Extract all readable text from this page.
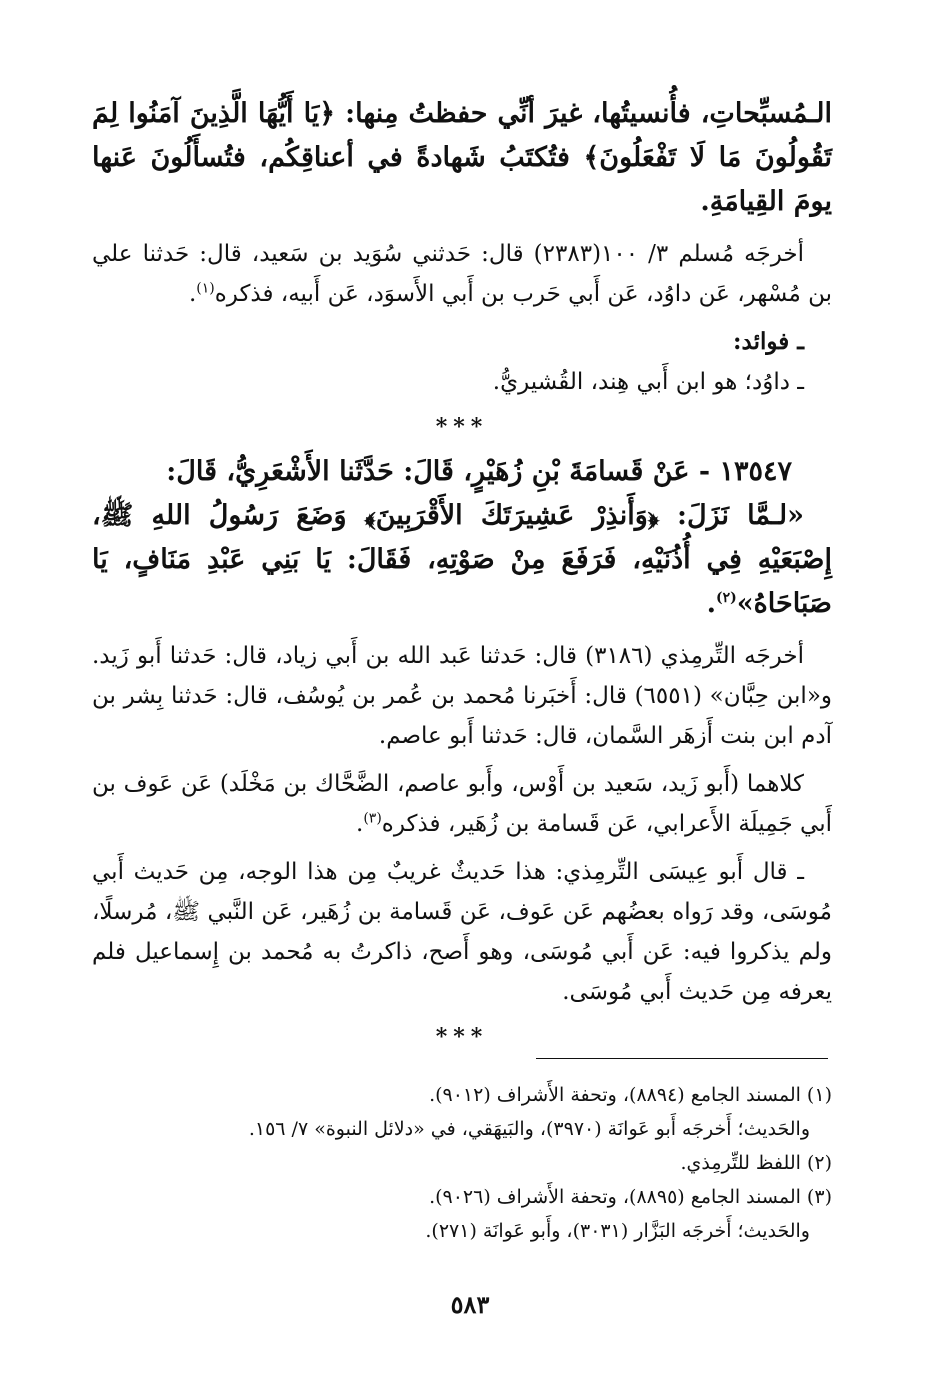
الـمُسبِّحاتِ، فأُنسيتُها، غيرَ أنِّي حفظتُ مِنها: ﴿يَا أَيُّهَا الَّذِينَ آمَنُوا لِمَ تَقُولُونَ مَا لَا تَفْعَلُونَ﴾ فتُكتَبُ شَهادةً في أعناقِكُم، فتُسأَلُونَ عَنها يومَ القِيامَةِ.

أخرجَه مُسلم ٣/ ١٠٠(٢٣٨٣) قال: حَدثني سُوَيد بن سَعيد، قال: حَدثنا علي بن مُسْهر، عَن داوُد، عَن أَبي حَرب بن أَبي الأَسوَد، عَن أَبيه، فذكره$^{(١)}$.

ـ فوائد:

ـ داوُد؛ هو ابن أَبي هِند، القُشيريُّ.

***

١٣٥٤٧ - عَنْ قَسامَةَ بْنِ زُهَيْرٍ، قَالَ: حَدَّثَنا الأَشْعَرِيُّ، قَالَ:

«لـمَّا نَزَلَ: ﴿وَأَنذِرْ عَشِيرَتَكَ الأَقْرَبِينَ﴾ وَضَعَ رَسُولُ اللهِ ﷺ، إِصْبَعَيْهِ فِي أُذُنَيْهِ، فَرَفَعَ مِنْ صَوْتِهِ، فَقَالَ: يَا بَنِي عَبْدِ مَنَافٍ، يَا صَبَاحَاهُ»$^{(٢)}$.

أخرجَه التِّرمِذي (٣١٨٦) قال: حَدثنا عَبد الله بن أَبي زياد، قال: حَدثنا أَبو زَيد. و«ابن حِبَّان» (٦٥٥١) قال: أَخبَرنا مُحمد بن عُمر بن يُوسُف، قال: حَدثنا بِشر بن آدم ابن بنت أَزهَر السَّمان، قال: حَدثنا أَبو عاصم.

كلاهما (أَبو زَيد، سَعيد بن أَوْس، وأَبو عاصم، الضَّحَّاك بن مَخْلَد) عَن عَوف بن أَبي جَمِيلَة الأَعرابي، عَن قَسامة بن زُهَير، فذكره$^{(٣)}$.

ـ قال أَبو عِيسَى التِّرمِذي: هذا حَديثٌ غريبٌ مِن هذا الوجه، مِن حَديث أَبي مُوسَى، وقد رَواه بعضُهم عَن عَوف، عَن قَسامة بن زُهَير، عَن النَّبي ﷺ، مُرسلًا، ولم يذكروا فيه: عَن أَبي مُوسَى، وهو أَصح، ذاكرتُ به مُحمد بن إِسماعيل فلم يعرفه مِن حَديث أَبي مُوسَى.

***
(١) المسند الجامع (٨٨٩٤)، وتحفة الأَشراف (٩٠١٢).
والحَديث؛ أَخرجَه أَبو عَوانَة (٣٩٧٠)، والبَيهَقي، في «دلائل النبوة» ٧/ ١٥٦.
(٢) اللفظ للتِّرمِذي.
(٣) المسند الجامع (٨٨٩٥)، وتحفة الأَشراف (٩٠٢٦).
والحَديث؛ أَخرجَه البَزَّار (٣٠٣١)، وأَبو عَوانَة (٢٧١).
٥٨٣
